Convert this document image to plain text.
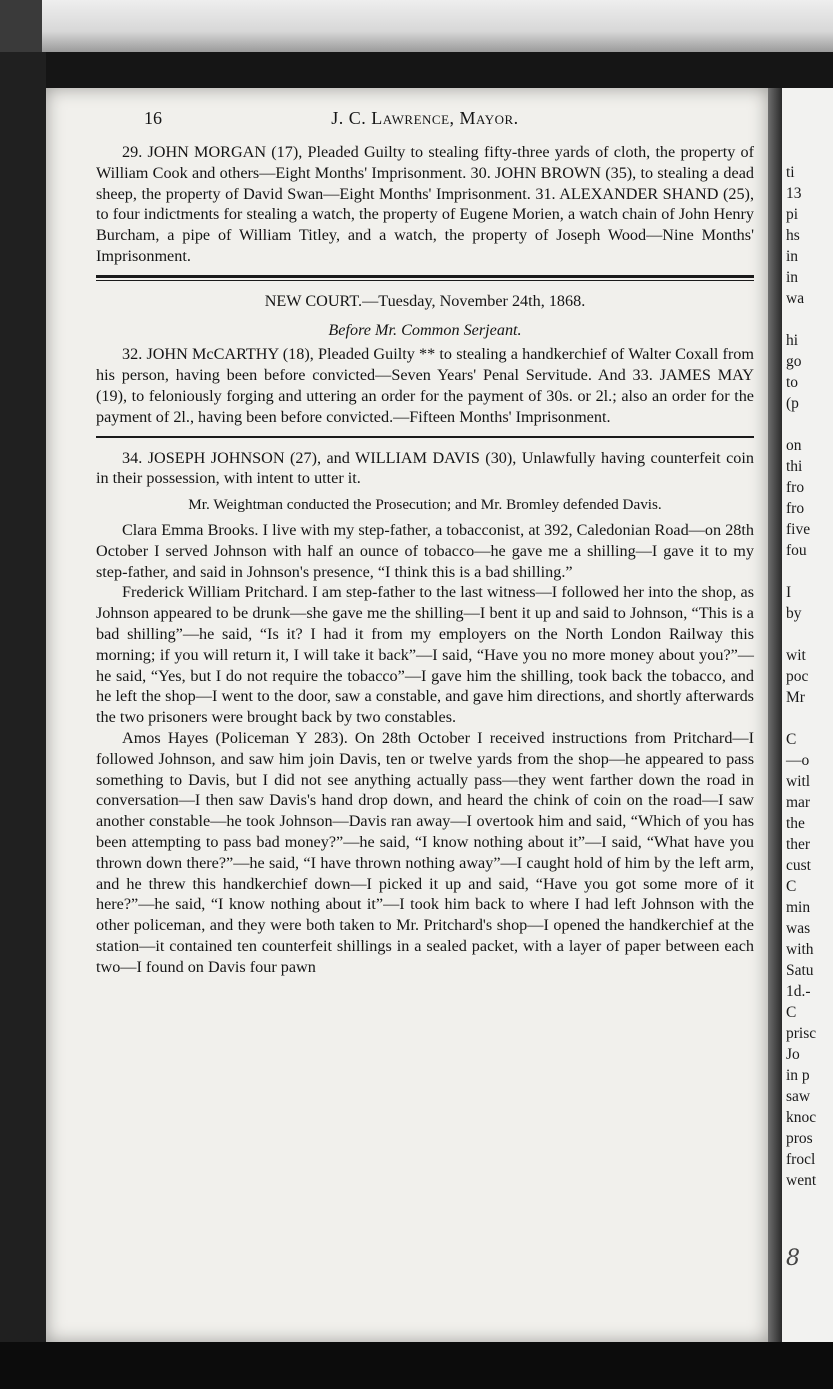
ti
13
pi
hs
in
in
wa
hi
go
to
(p
on
thi
fro
fro
five
fou
I
by
wit
poc
Mr
C
—o
witl
mar
the
ther
cust
C
min
was
with
Satu
1d.-
C
prisc
Jo
in p
saw
knoc
pros
frocl
went
8
16	J. C. Lawrence, Mayor.

29. JOHN MORGAN (17), Pleaded Guilty to stealing fifty-three yards of cloth, the property of William Cook and others—Eight Months' Imprisonment. 30. JOHN BROWN (35), to stealing a dead sheep, the property of David Swan—Eight Months' Imprisonment. 31. ALEXANDER SHAND (25), to four indictments for stealing a watch, the property of Eugene Morien, a watch chain of John Henry Burcham, a pipe of William Titley, and a watch, the property of Joseph Wood—Nine Months' Imprisonment.

NEW COURT.—Tuesday, November 24th, 1868.
Before Mr. Common Serjeant.

32. JOHN McCARTHY (18), Pleaded Guilty ** to stealing a handkerchief of Walter Coxall from his person, having been before convicted—Seven Years' Penal Servitude. And 33. JAMES MAY (19), to feloniously forging and uttering an order for the payment of 30s. or 2l.; also an order for the payment of 2l., having been before convicted.—Fifteen Months' Imprisonment.

34. JOSEPH JOHNSON (27), and WILLIAM DAVIS (30), Unlawfully having counterfeit coin in their possession, with intent to utter it.

Mr. Weightman conducted the Prosecution; and Mr. Bromley defended Davis.

Clara Emma Brooks. I live with my step-father, a tobacconist, at 392, Caledonian Road—on 28th October I served Johnson with half an ounce of tobacco—he gave me a shilling—I gave it to my step-father, and said in Johnson's presence, “I think this is a bad shilling.”

Frederick William Pritchard. I am step-father to the last witness—I followed her into the shop, as Johnson appeared to be drunk—she gave me the shilling—I bent it up and said to Johnson, “This is a bad shilling”—he said, “Is it? I had it from my employers on the North London Railway this morning; if you will return it, I will take it back”—I said, “Have you no more money about you?”—he said, “Yes, but I do not require the tobacco”—I gave him the shilling, took back the tobacco, and he left the shop—I went to the door, saw a constable, and gave him directions, and shortly afterwards the two prisoners were brought back by two constables.

Amos Hayes (Policeman Y 283). On 28th October I received instructions from Pritchard—I followed Johnson, and saw him join Davis, ten or twelve yards from the shop—he appeared to pass something to Davis, but I did not see anything actually pass—they went farther down the road in conversation—I then saw Davis's hand drop down, and heard the chink of coin on the road—I saw another constable—he took Johnson—Davis ran away—I overtook him and said, “Which of you has been attempting to pass bad money?”—he said, “I know nothing about it”—I said, “What have you thrown down there?”—he said, “I have thrown nothing away”—I caught hold of him by the left arm, and he threw this handkerchief down—I picked it up and said, “Have you got some more of it here?”—he said, “I know nothing about it”—I took him back to where I had left Johnson with the other policeman, and they were both taken to Mr. Pritchard's shop—I opened the handkerchief at the station—it contained ten counterfeit shillings in a sealed packet, with a layer of paper between each two—I found on Davis four pawn
